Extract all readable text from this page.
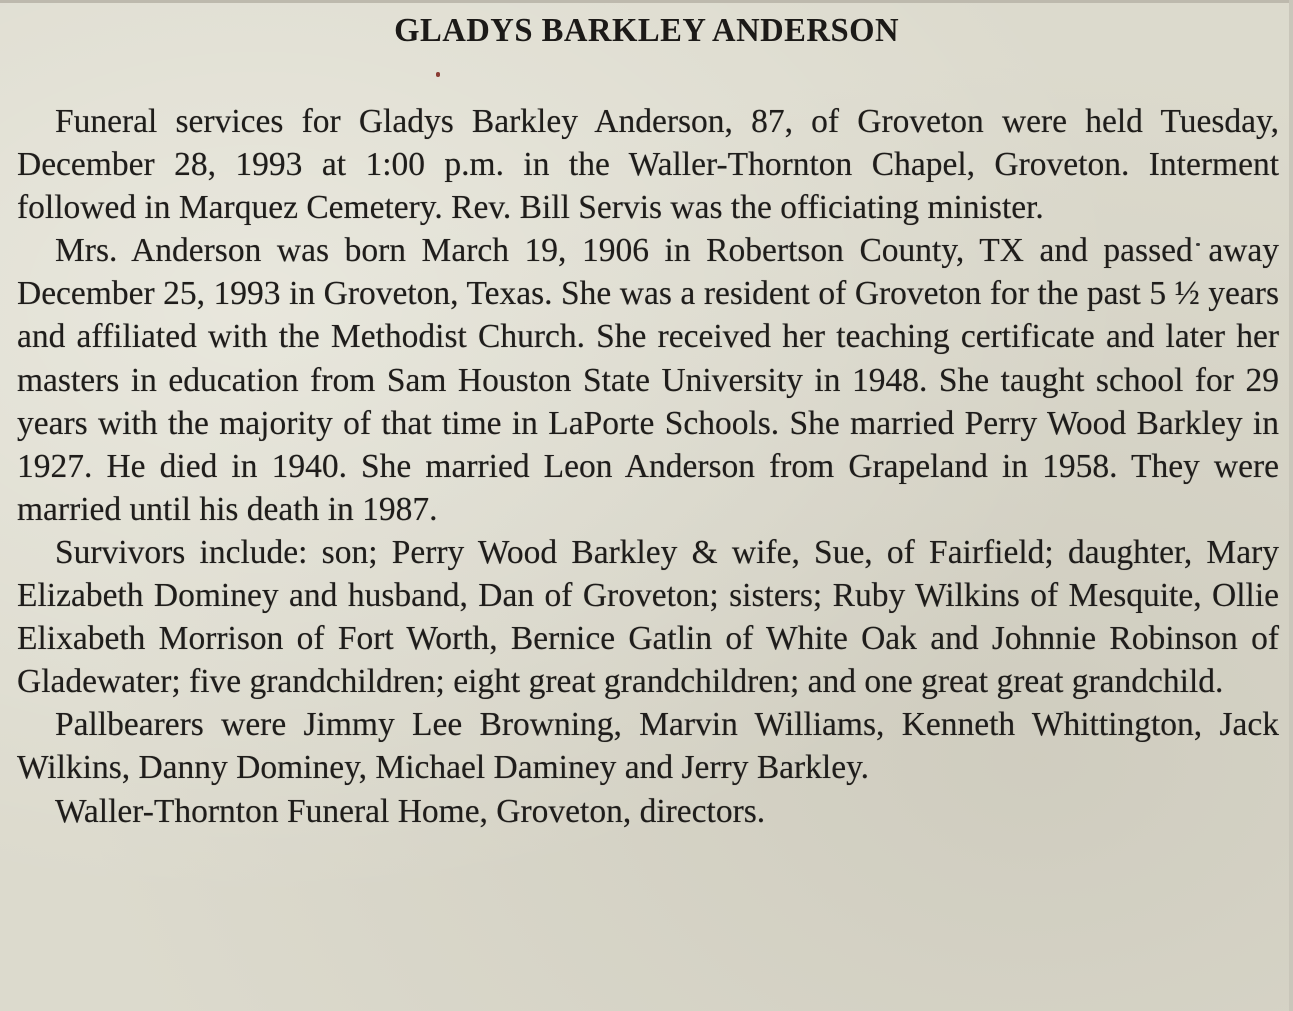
GLADYS BARKLEY ANDERSON

Funeral services for Gladys Barkley Anderson, 87, of Groveton were held Tuesday, December 28, 1993 at 1:00 p.m. in the Waller-Thornton Chapel, Groveton. Interment followed in Marquez Cemetery. Rev. Bill Servis was the officiating minister.

Mrs. Anderson was born March 19, 1906 in Robertson County, TX and passed away December 25, 1993 in Groveton, Texas. She was a resident of Groveton for the past 5 ½ years and affiliated with the Methodist Church. She received her teaching certificate and later her masters in education from Sam Houston State University in 1948. She taught school for 29 years with the majority of that time in LaPorte Schools. She married Perry Wood Barkley in 1927. He died in 1940. She married Leon Anderson from Grapeland in 1958. They were married until his death in 1987.

Survivors include: son; Perry Wood Barkley & wife, Sue, of Fairfield; daughter, Mary Elizabeth Dominey and husband, Dan of Groveton; sisters; Ruby Wilkins of Mesquite, Ollie Elixabeth Morrison of Fort Worth, Bernice Gatlin of White Oak and Johnnie Robinson of Gladewater; five grandchildren; eight great grandchildren; and one great great grandchild.

Pallbearers were Jimmy Lee Browning, Marvin Williams, Kenneth Whittington, Jack Wilkins, Danny Dominey, Michael Daminey and Jerry Barkley.

Waller-Thornton Funeral Home, Groveton, directors.
